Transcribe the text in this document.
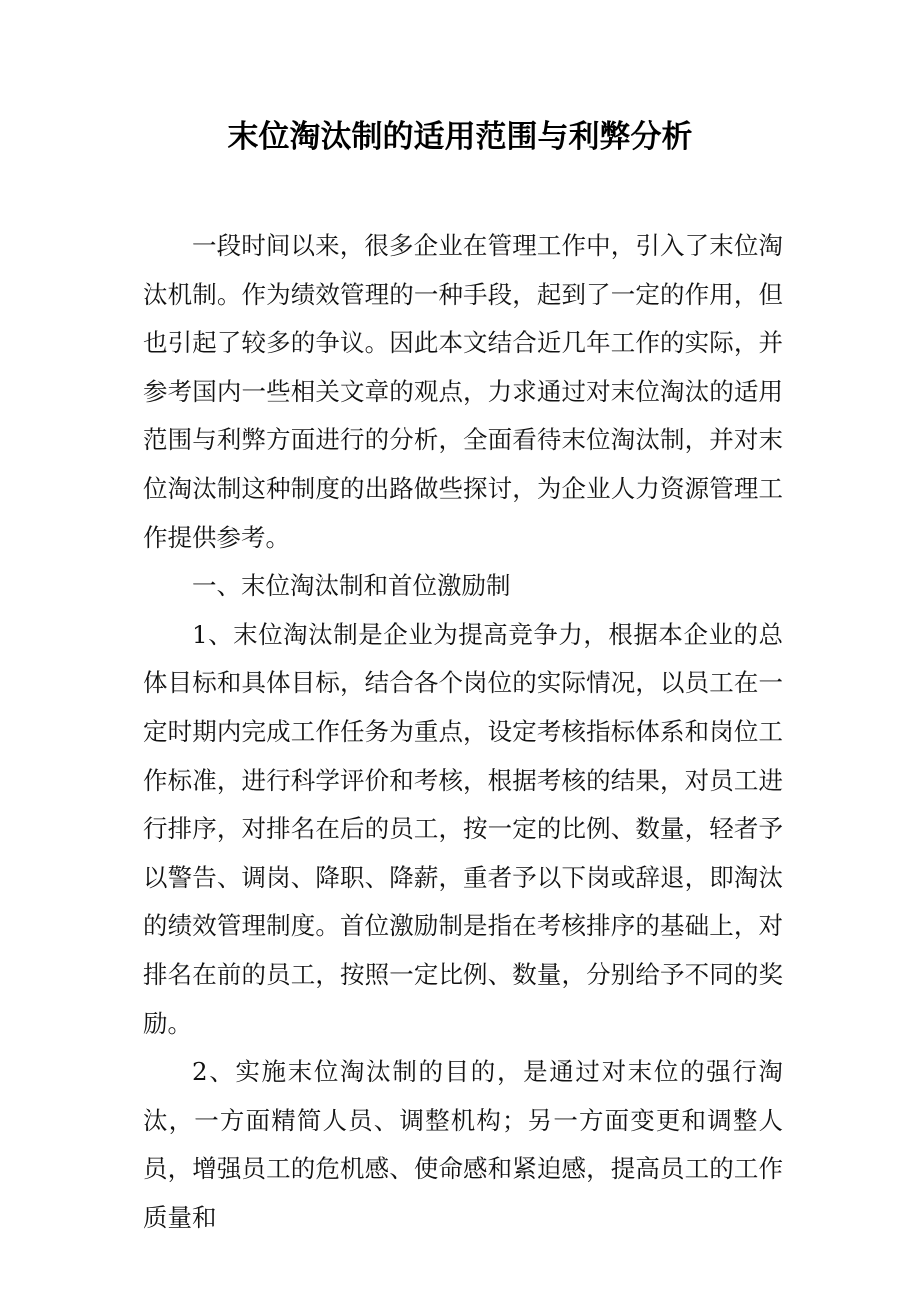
末位淘汰制的适用范围与利弊分析

一段时间以来，很多企业在管理工作中，引入了末位淘汰机制。作为绩效管理的一种手段，起到了一定的作用，但也引起了较多的争议。因此本文结合近几年工作的实际，并参考国内一些相关文章的观点，力求通过对末位淘汰的适用范围与利弊方面进行的分析，全面看待末位淘汰制，并对末位淘汰制这种制度的出路做些探讨，为企业人力资源管理工作提供参考。

一、末位淘汰制和首位激励制

1、末位淘汰制是企业为提高竞争力，根据本企业的总体目标和具体目标，结合各个岗位的实际情况，以员工在一定时期内完成工作任务为重点，设定考核指标体系和岗位工作标准，进行科学评价和考核，根据考核的结果，对员工进行排序，对排名在后的员工，按一定的比例、数量，轻者予以警告、调岗、降职、降薪，重者予以下岗或辞退，即淘汰的绩效管理制度。首位激励制是指在考核排序的基础上，对排名在前的员工，按照一定比例、数量，分别给予不同的奖励。

2、实施末位淘汰制的目的，是通过对末位的强行淘汰，一方面精简人员、调整机构；另一方面变更和调整人员，增强员工的危机感、使命感和紧迫感，提高员工的工作质量和
